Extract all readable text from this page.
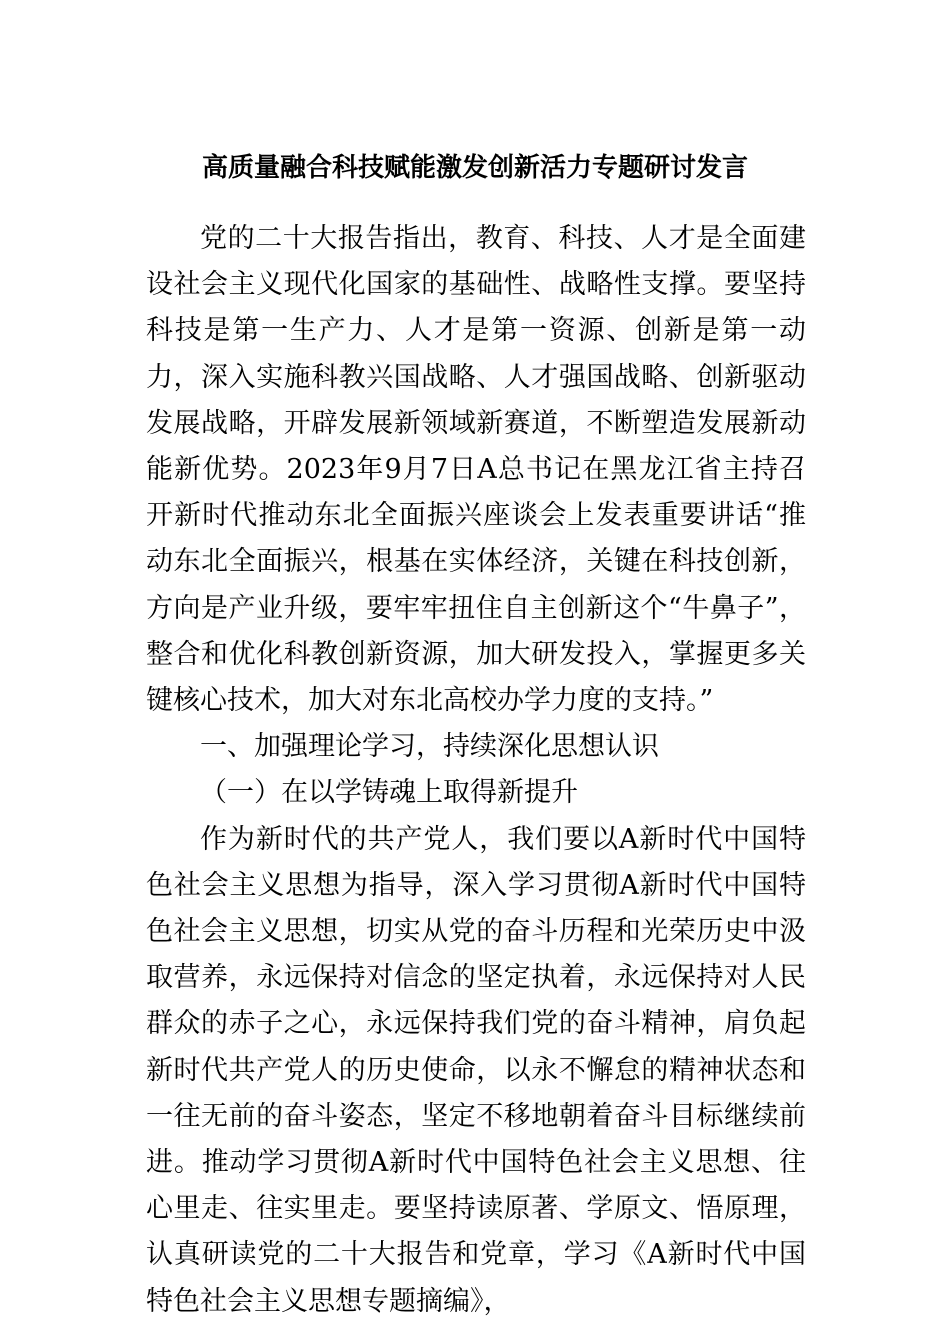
高质量融合科技赋能激发创新活力专题研讨发言

党的二十大报告指出，教育、科技、人才是全面建设社会主义现代化国家的基础性、战略性支撑。要坚持科技是第一生产力、人才是第一资源、创新是第一动力，深入实施科教兴国战略、人才强国战略、创新驱动发展战略，开辟发展新领域新赛道，不断塑造发展新动能新优势。2023年9月7日A总书记在黑龙江省主持召开新时代推动东北全面振兴座谈会上发表重要讲话“推动东北全面振兴，根基在实体经济，关键在科技创新，方向是产业升级，要牢牢扭住自主创新这个“牛鼻子”，整合和优化科教创新资源，加大研发投入，掌握更多关键核心技术，加大对东北高校办学力度的支持。”

一、加强理论学习，持续深化思想认识

（一）在以学铸魂上取得新提升

作为新时代的共产党人，我们要以A新时代中国特色社会主义思想为指导，深入学习贯彻A新时代中国特色社会主义思想，切实从党的奋斗历程和光荣历史中汲取营养，永远保持对信念的坚定执着，永远保持对人民群众的赤子之心，永远保持我们党的奋斗精神，肩负起新时代共产党人的历史使命，以永不懈怠的精神状态和一往无前的奋斗姿态，坚定不移地朝着奋斗目标继续前进。推动学习贯彻A新时代中国特色社会主义思想、往心里走、往实里走。要坚持读原著、学原文、悟原理，认真研读党的二十大报告和党章，学习《A新时代中国特色社会主义思想专题摘编》，
